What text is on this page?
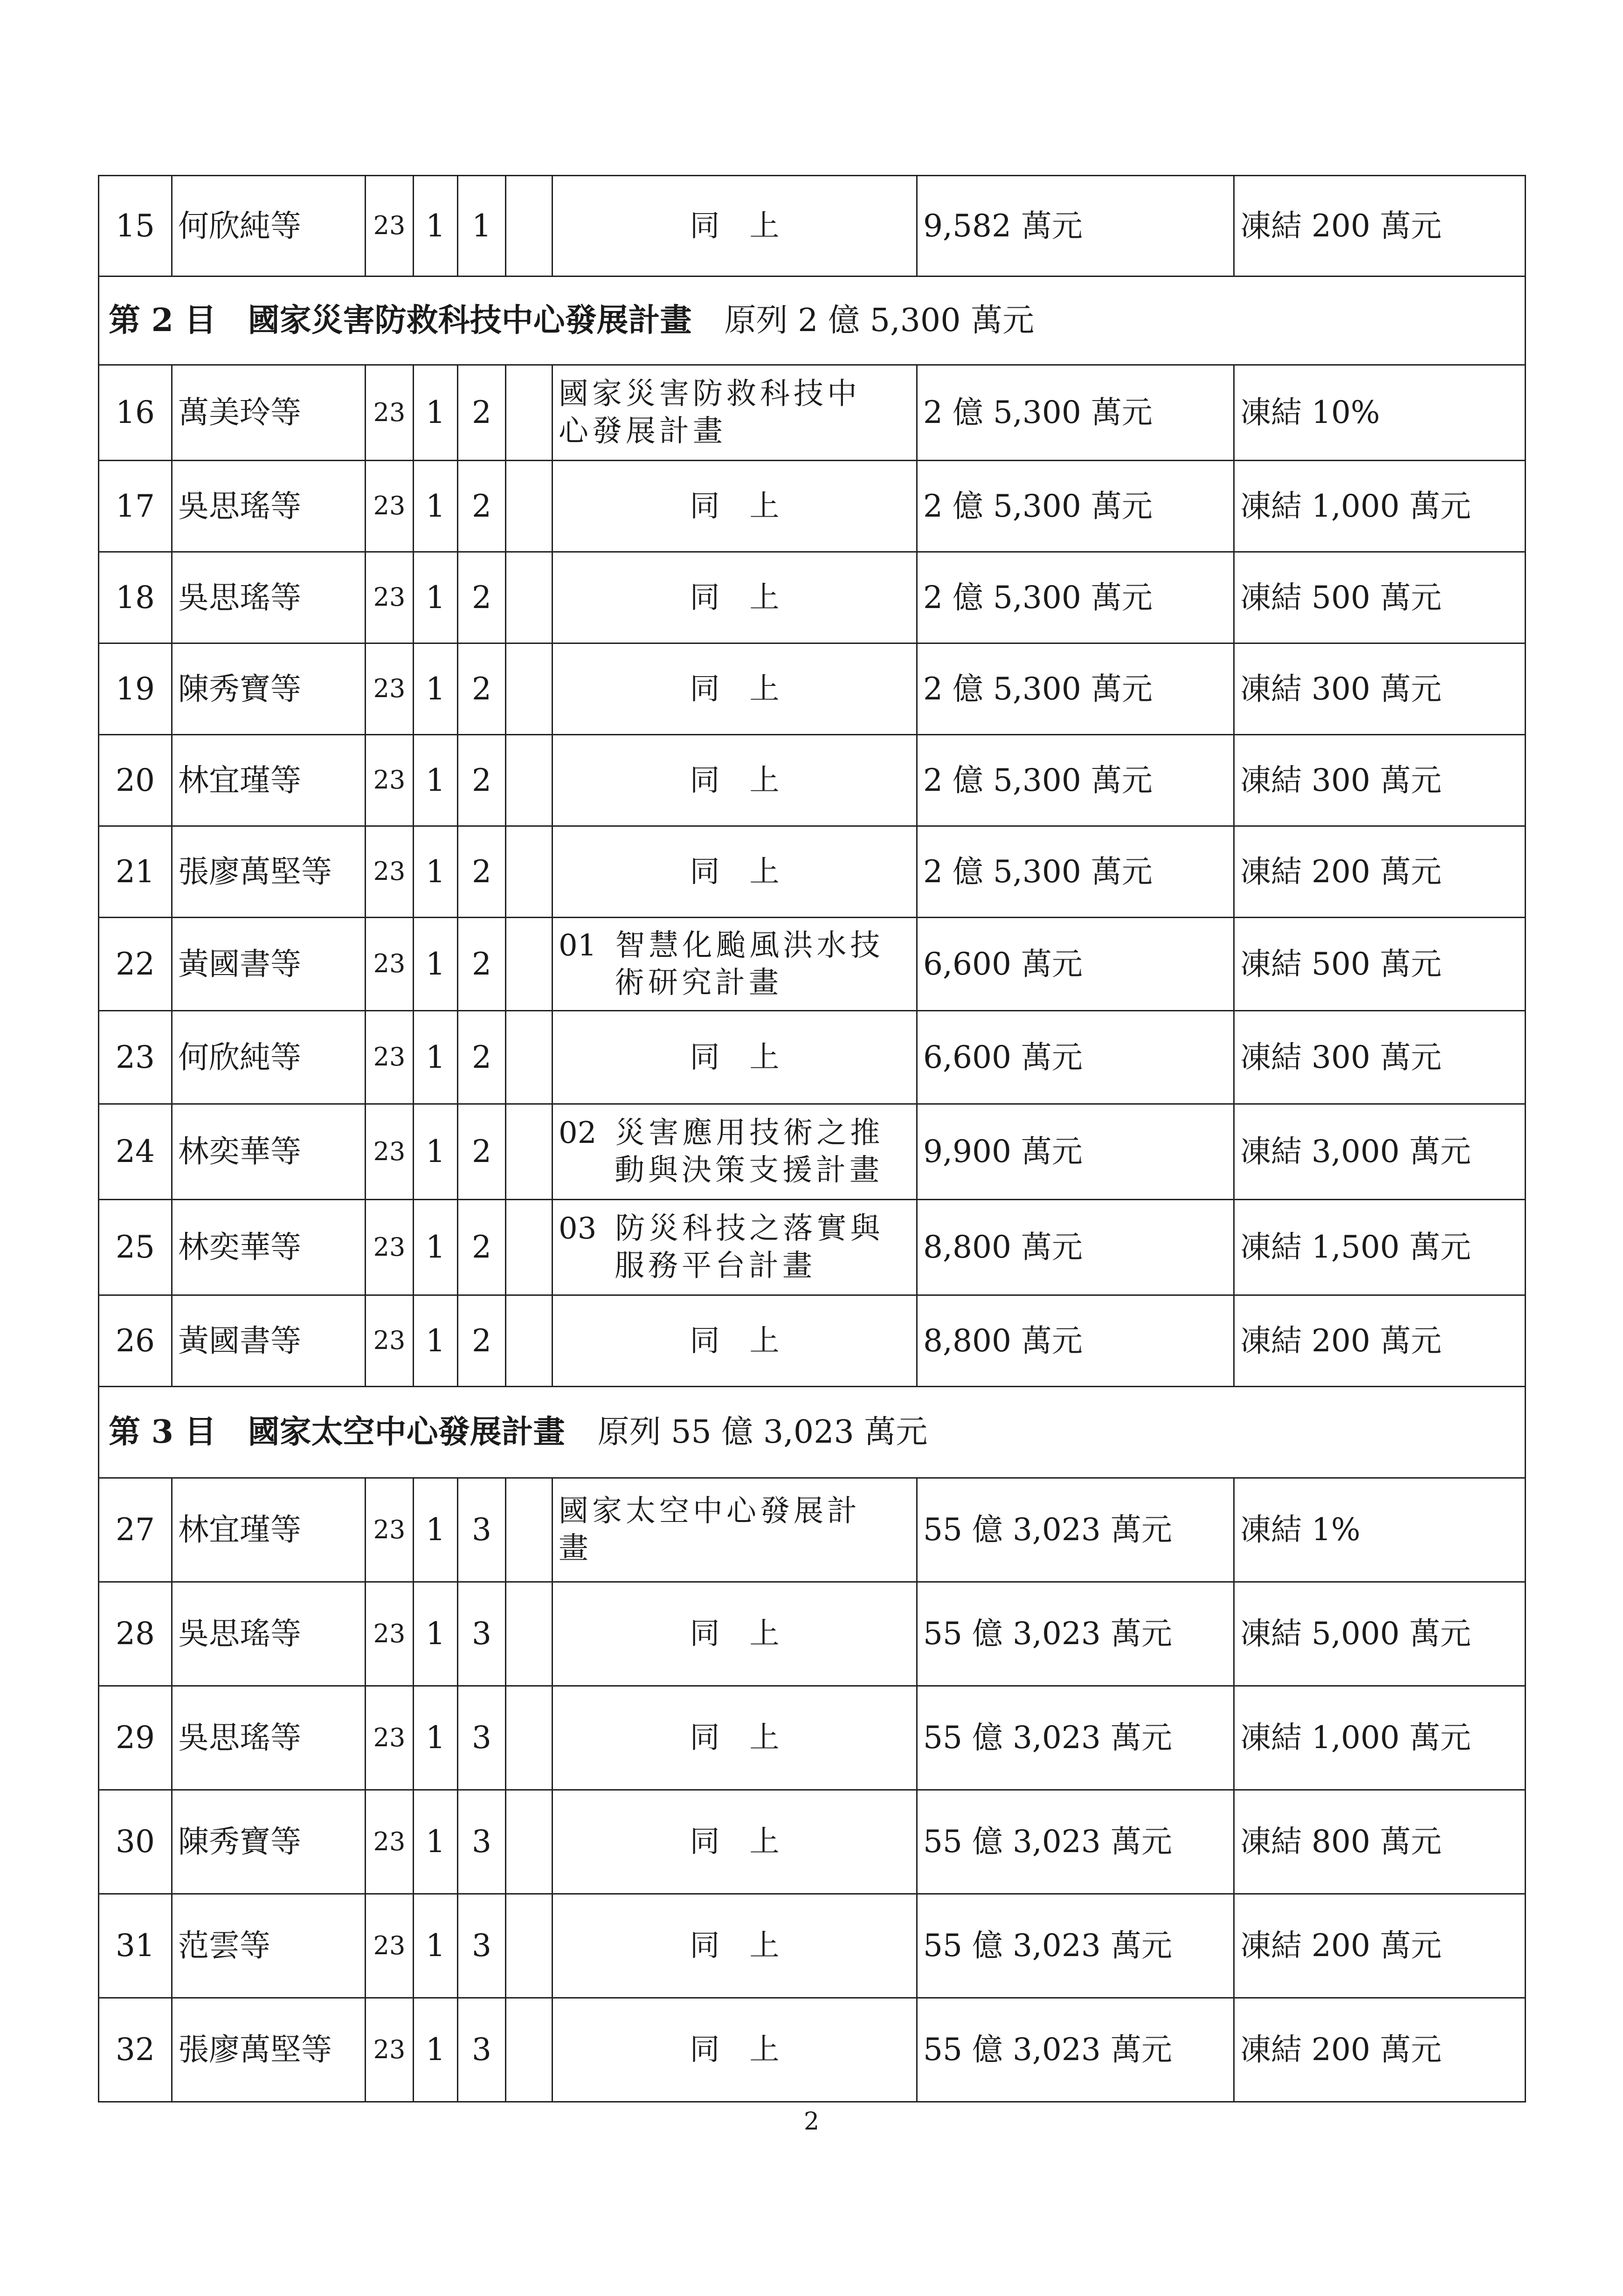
15	何欣純等	23	1	1		同　上	9,582 萬元	凍結 200 萬元
第 2 目　國家災害防救科技中心發展計畫 原列 2 億 5,300 萬元								
16	萬美玲等	23	1	2		國家災害防救科技中
心發展計畫	2 億 5,300 萬元	凍結 10%
17	吳思瑤等	23	1	2		同　上	2 億 5,300 萬元	凍結 1,000 萬元
18	吳思瑤等	23	1	2		同　上	2 億 5,300 萬元	凍結 500 萬元
19	陳秀寶等	23	1	2		同　上	2 億 5,300 萬元	凍結 300 萬元
20	林宜瑾等	23	1	2		同　上	2 億 5,300 萬元	凍結 300 萬元
21	張廖萬堅等	23	1	2		同　上	2 億 5,300 萬元	凍結 200 萬元
22	黃國書等	23	1	2		01  智慧化颱風洪水技
術研究計畫	6,600 萬元	凍結 500 萬元
23	何欣純等	23	1	2		同　上	6,600 萬元	凍結 300 萬元
24	林奕華等	23	1	2		02  災害應用技術之推
動與決策支援計畫	9,900 萬元	凍結 3,000 萬元
25	林奕華等	23	1	2		03  防災科技之落實與
服務平台計畫	8,800 萬元	凍結 1,500 萬元
26	黃國書等	23	1	2		同　上	8,800 萬元	凍結 200 萬元
第 3 目　國家太空中心發展計畫 原列 55 億 3,023 萬元								
27	林宜瑾等	23	1	3		國家太空中心發展計
畫	55 億 3,023 萬元	凍結 1%
28	吳思瑤等	23	1	3		同　上	55 億 3,023 萬元	凍結 5,000 萬元
29	吳思瑤等	23	1	3		同　上	55 億 3,023 萬元	凍結 1,000 萬元
30	陳秀寶等	23	1	3		同　上	55 億 3,023 萬元	凍結 800 萬元
31	范雲等	23	1	3		同　上	55 億 3,023 萬元	凍結 200 萬元
32	張廖萬堅等	23	1	3		同　上	55 億 3,023 萬元	凍結 200 萬元
2
